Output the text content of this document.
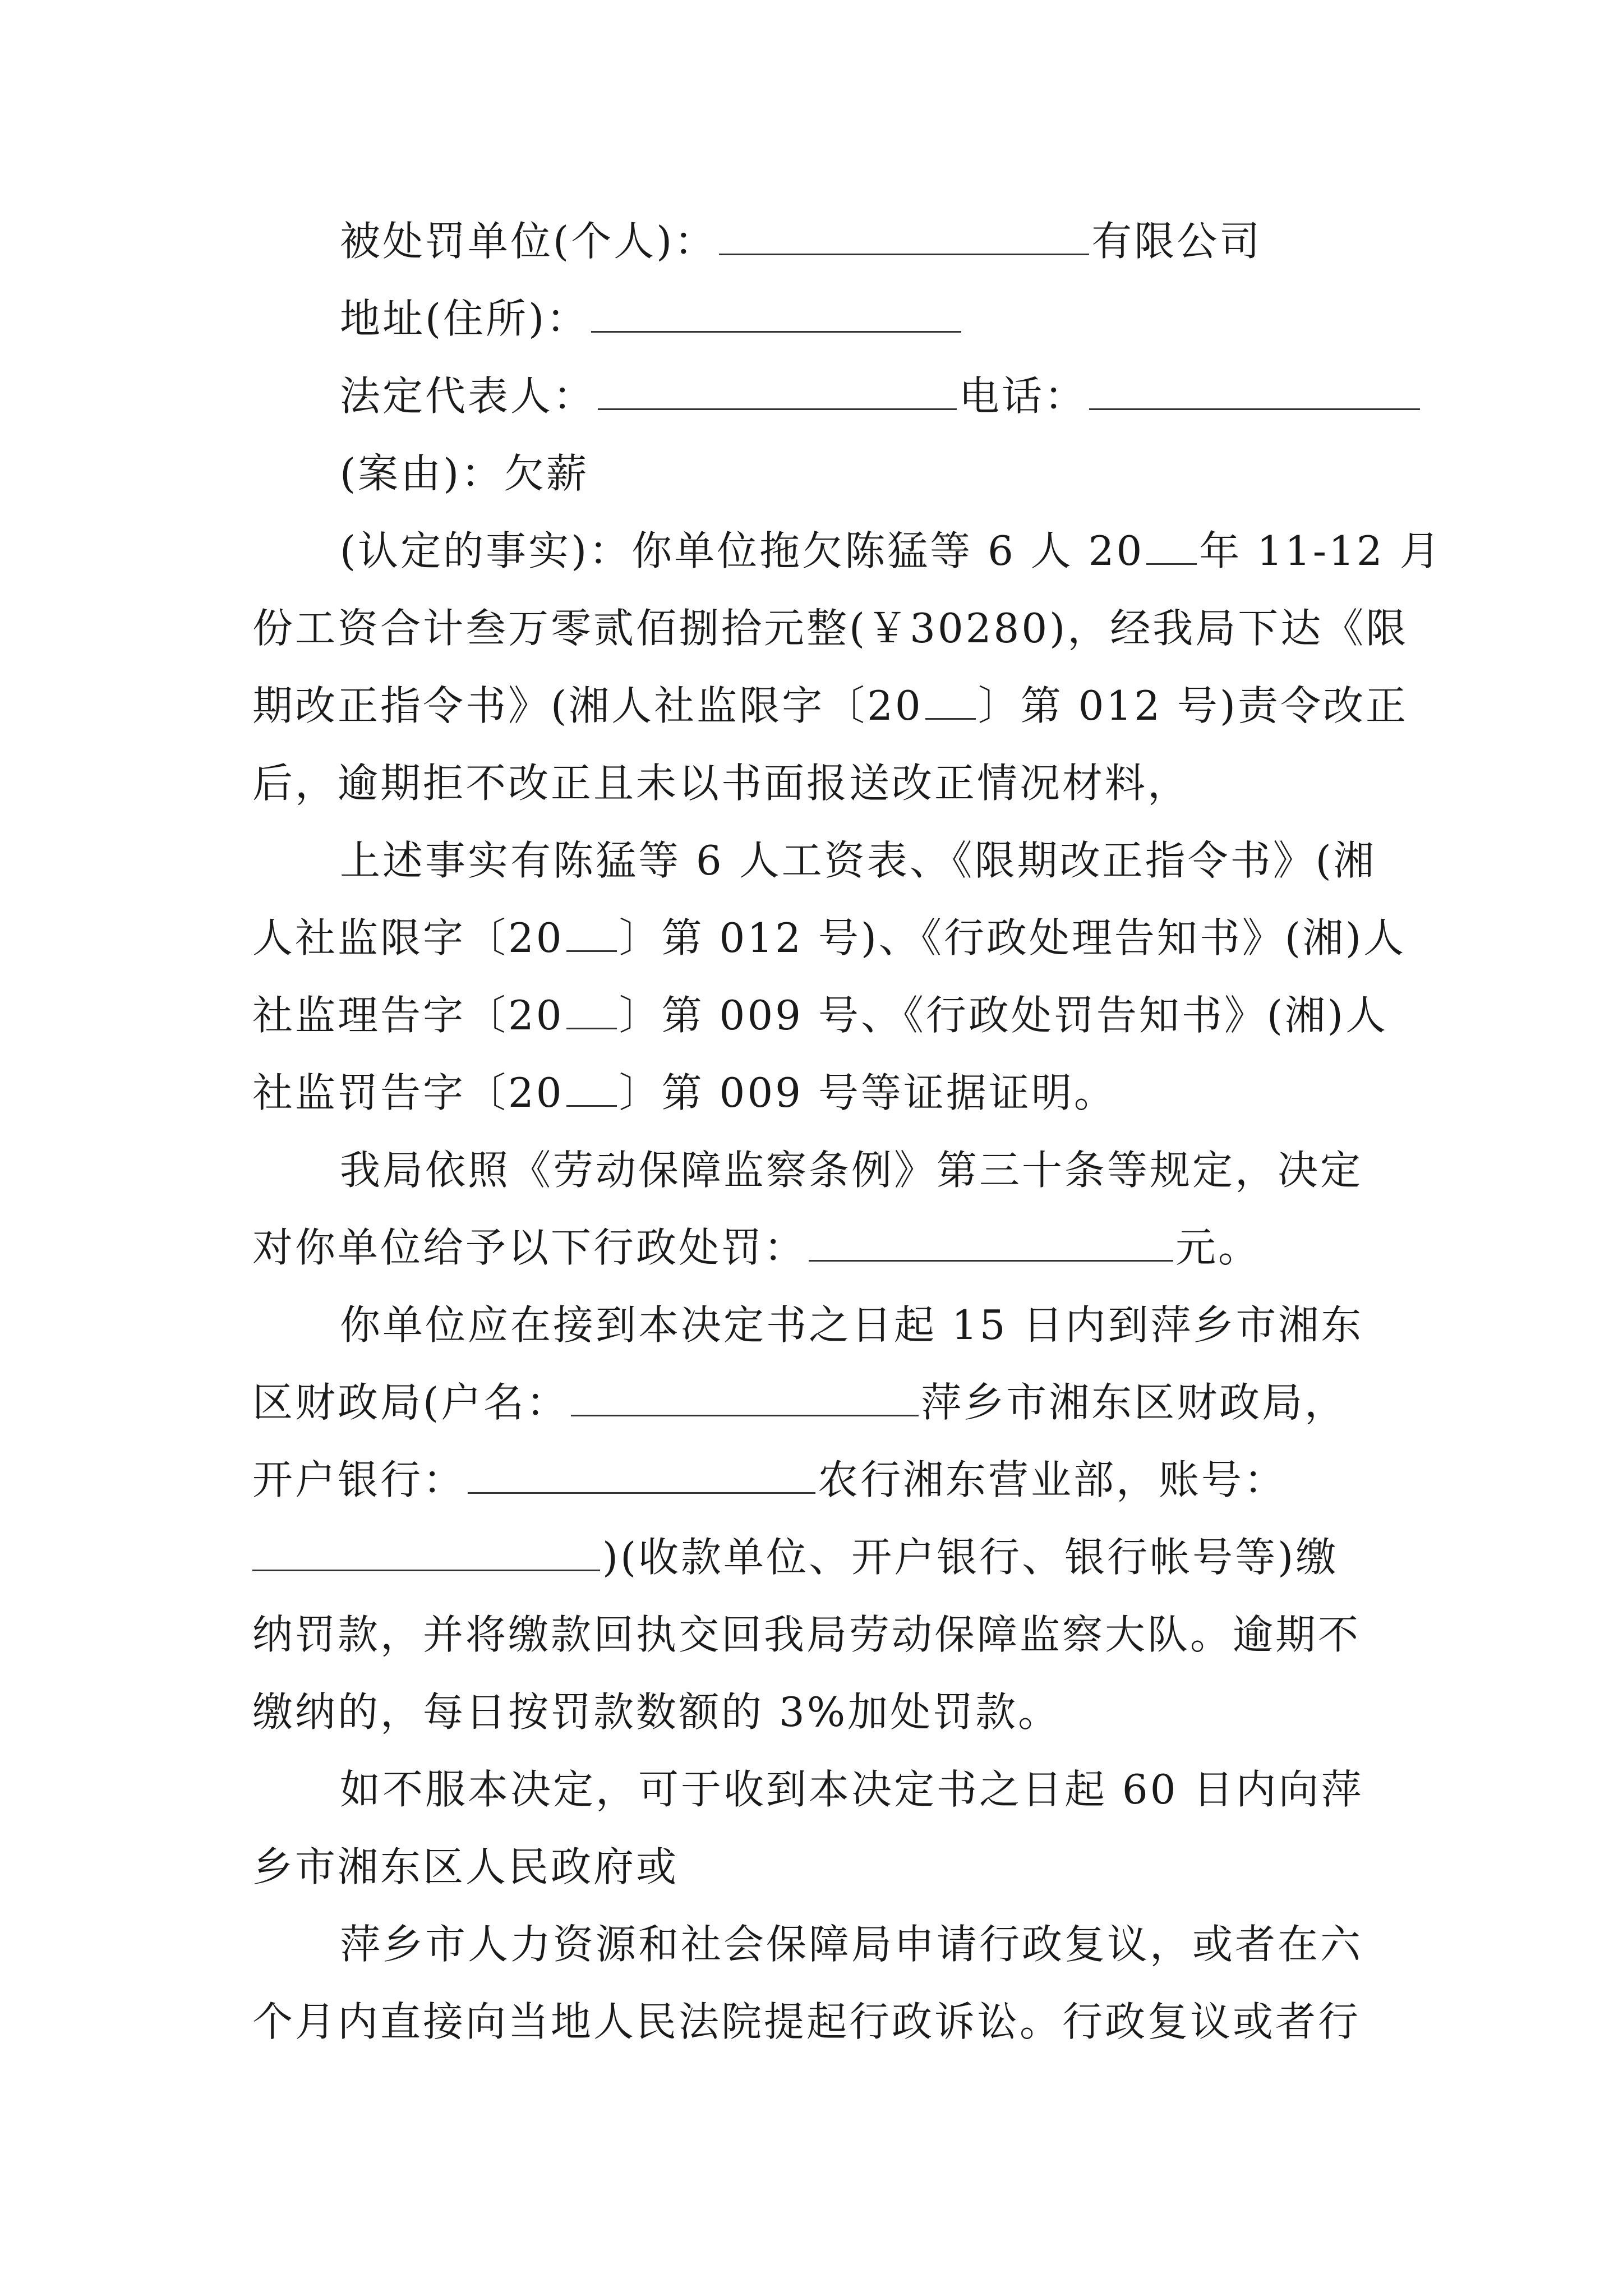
被处罚单位(个人)：	有限公司
地址(住所)：
法定代表人：	电话：
(案由)：欠薪
(认定的事实)：你单位拖欠陈猛等 6 人 20 年 11-12 月
份工资合计叁万零贰佰捌拾元整(￥30280)，经我局下达《限
期改正指令书》(湘人社监限字〔20 〕第 012 号)责令改正
后，逾期拒不改正且未以书面报送改正情况材料，
上述事实有陈猛等 6 人工资表、《限期改正指令书》(湘
人社监限字〔20 〕第 012 号)、《行政处理告知书》(湘)人
社监理告字〔20 〕第 009 号、《行政处罚告知书》(湘)人
社监罚告字〔20 〕第 009 号等证据证明。
我局依照《劳动保障监察条例》第三十条等规定，决定
对你单位给予以下行政处罚：	元。
你单位应在接到本决定书之日起 15 日内到萍乡市湘东
区财政局(户名：	萍乡市湘东区财政局，
开户银行：	农行湘东营业部，账号：
)(收款单位、开户银行、银行帐号等)缴
纳罚款，并将缴款回执交回我局劳动保障监察大队。逾期不
缴纳的，每日按罚款数额的 3%加处罚款。
如不服本决定，可于收到本决定书之日起 60 日内向萍
乡市湘东区人民政府或
萍乡市人力资源和社会保障局申请行政复议，或者在六
个月内直接向当地人民法院提起行政诉讼。行政复议或者行
